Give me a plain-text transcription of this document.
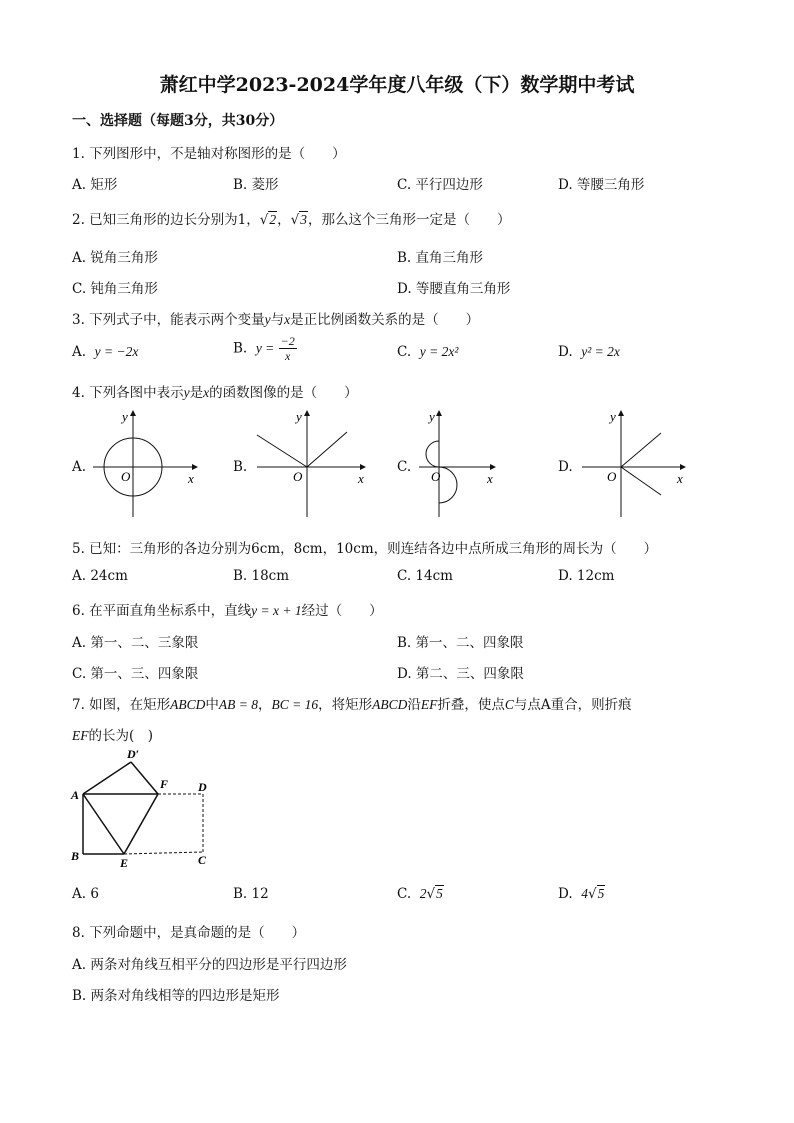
萧红中学2023-2024学年度八年级（下）数学期中考试
一、选择题（每题3分，共30分）
1. 下列图形中，不是轴对称图形的是（　　）
A. 矩形	B. 菱形	C. 平行四边形	D. 等腰三角形
2. 已知三角形的边长分别为1，√2，√3，那么这个三角形一定是（　　）
A. 锐角三角形	B. 直角三角形
C. 钝角三角形	D. 等腰直角三角形
3. 下列式子中，能表示两个变量y与x是正比例函数关系的是（　　）
A. y = −2x	B. $y = \frac{-2}{x}$	C. y = 2x²	D. y² = 2x
4. 下列各图中表示y是x的函数图像的是（　　）
A.	B.	C.	D.
x
y
O	x
y
O	x
y
O	x
y
O
5. 已知：三角形的各边分别为6cm，8cm，10cm，则连结各边中点所成三角形的周长为（　　）
A. 24cm	B. 18cm	C. 14cm	D. 12cm
6. 在平面直角坐标系中，直线y = x + 1经过（　　）
A. 第一、二、三象限	B. 第一、二、四象限
C. 第一、三、四象限	D. 第二、三、四象限
7. 如图，在矩形ABCD中AB = 8，BC = 16，将矩形ABCD沿EF折叠，使点C与点A重合，则折痕
EF的长为(　)
A
B	C
D
E
F
D′
A. 6	B. 12	C. 2√5	D. 4√5
8. 下列命题中，是真命题的是（　　）
A. 两条对角线互相平分的四边形是平行四边形
B. 两条对角线相等的四边形是矩形
